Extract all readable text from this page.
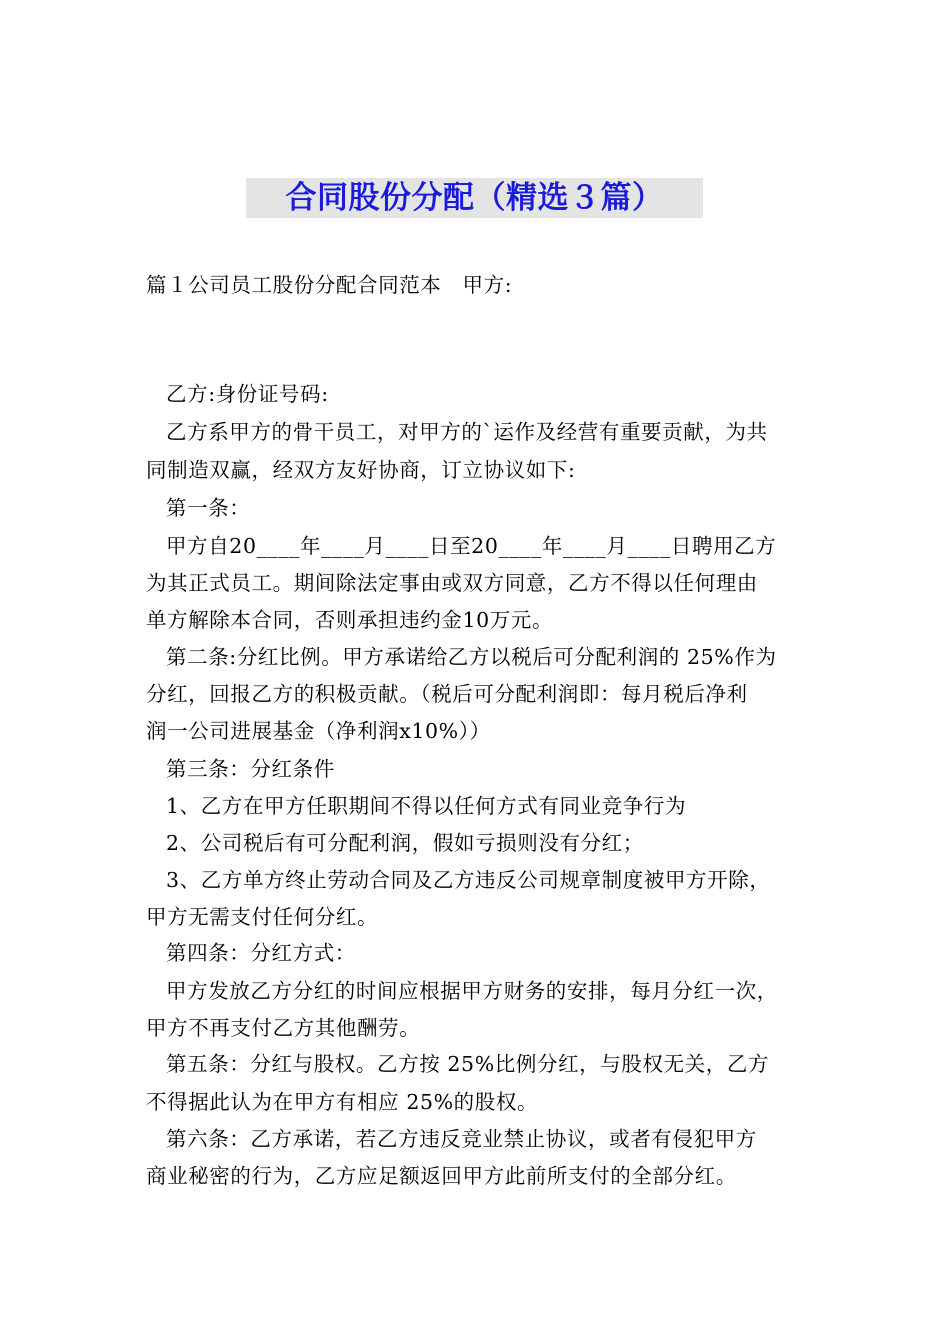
合同股份分配（精选３篇）
篇１公司员工股份分配合同范本　甲方:
乙方:身份证号码:
乙方系甲方的骨干员工，对甲方的`运作及经营有重要贡献，为共
同制造双赢，经双方友好协商，订立协议如下:
第一条：
甲方自20____年____月____日至20____年____月____日聘用乙方
为其正式员工。期间除法定事由或双方同意，乙方不得以任何理由
单方解除本合同，否则承担违约金10万元。
第二条:分红比例。甲方承诺给乙方以税后可分配利润的 25%作为
分红，回报乙方的积极贡献。（税后可分配利润即：每月税后净利
润一公司进展基金（净利润x10%））
第三条：分红条件
1、乙方在甲方任职期间不得以任何方式有同业竞争行为
2、公司税后有可分配利润，假如亏损则没有分红；
3、乙方单方终止劳动合同及乙方违反公司规章制度被甲方开除，
甲方无需支付任何分红。
第四条：分红方式：
甲方发放乙方分红的时间应根据甲方财务的安排，每月分红一次，
甲方不再支付乙方其他酬劳。
第五条：分红与股权。乙方按 25%比例分红，与股权无关，乙方
不得据此认为在甲方有相应 25%的股权。
第六条：乙方承诺，若乙方违反竞业禁止协议，或者有侵犯甲方
商业秘密的行为，乙方应足额返回甲方此前所支付的全部分红。
